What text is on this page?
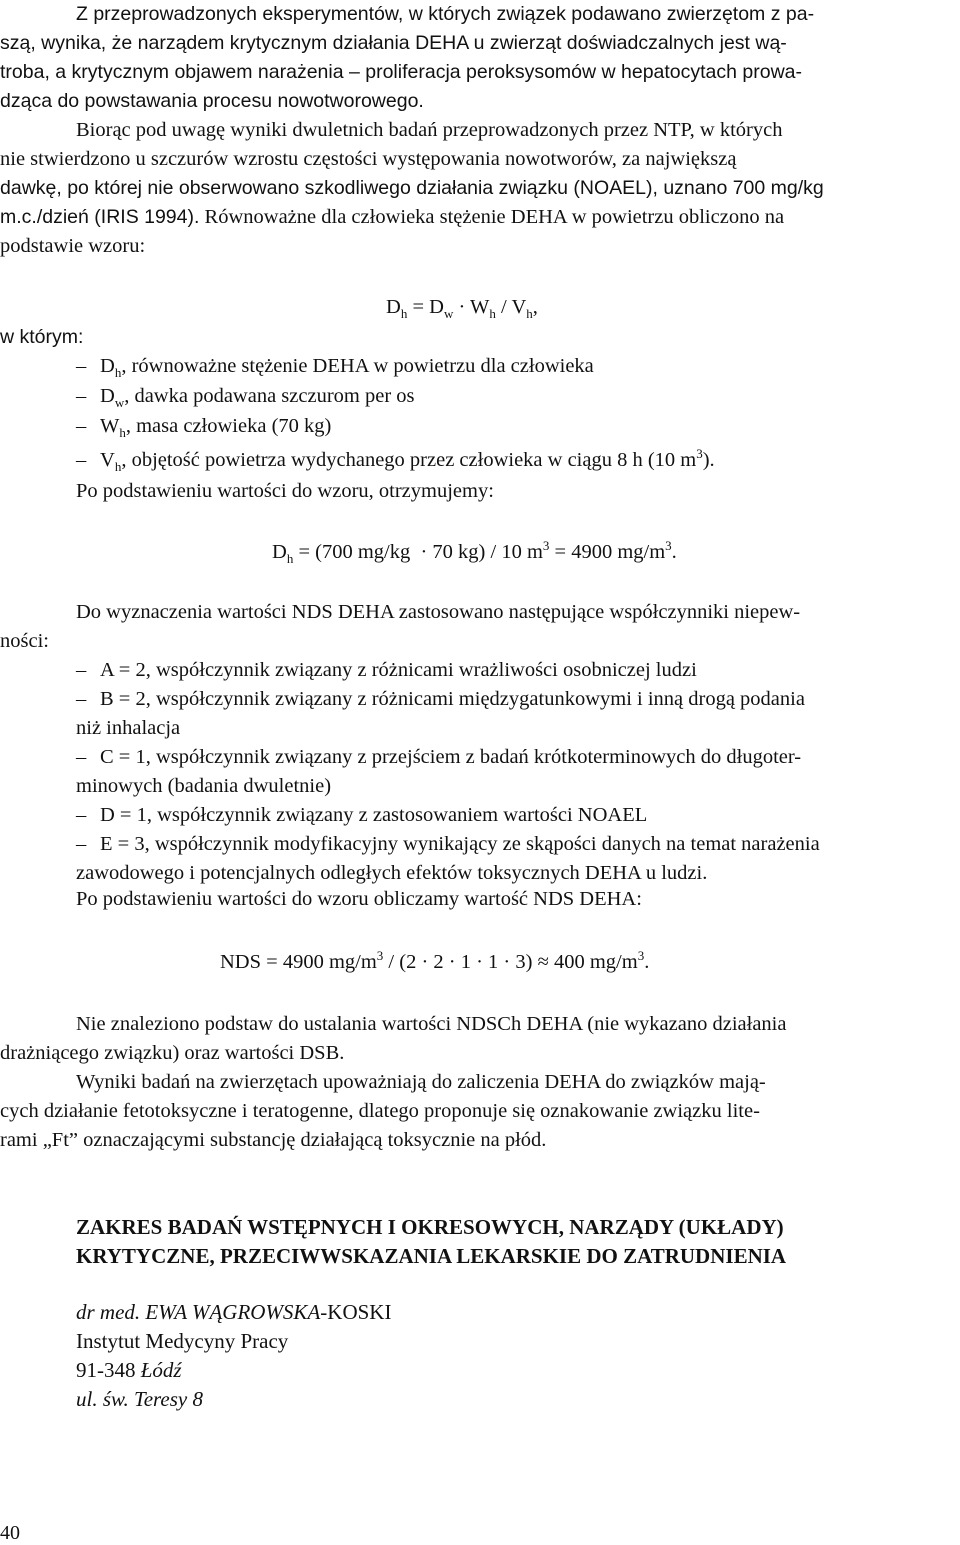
Z przeprowadzonych eksperymentów, w których związek podawano zwierzętom z pa-
szą, wynika, że narządem krytycznym działania DEHA u zwierząt doświadczalnych jest wą-
troba, a krytycznym objawem narażenia – proliferacja peroksysomów w hepatocytach prowa-
dząca do powstawania procesu nowotworowego.
Biorąc pod uwagę wyniki dwuletnich badań przeprowadzonych przez NTP, w których
nie stwierdzono u szczurów wzrostu częstości występowania nowotworów, za największą
dawkę, po której nie obserwowano szkodliwego działania związku (NOAEL), uznano 700 mg/kg
m.c./dzień (IRIS 1994). Równoważne dla człowieka stężenie DEHA w powietrzu obliczono na
podstawie wzoru:
$D_h = D_w \cdot W_h / V_h$,
w którym:
– $D_h$, równoważne stężenie DEHA w powietrzu dla człowieka
– $D_w$, dawka podawana szczurom per os
– $W_h$, masa człowieka (70 kg)
– $V_h$, objętość powietrza wydychanego przez człowieka w ciągu 8 h (10 $m^3$).
Po podstawieniu wartości do wzoru, otrzymujemy:
$D_h = (700$ mg/kg  · 70 kg) / 10 $m^3 = 4900$ $mg/m^3$.
Do wyznaczenia wartości NDS DEHA zastosowano następujące współczynniki niepew-
ności:
– A = 2, współczynnik związany z różnicami wrażliwości osobniczej ludzi
– B = 2, współczynnik związany z różnicami międzygatunkowymi i inną drogą podania
niż inhalacja
– C = 1, współczynnik związany z przejściem z badań krótkoterminowych do długoter-
minowych (badania dwuletnie)
– D = 1, współczynnik związany z zastosowaniem wartości NOAEL
– E = 3, współczynnik modyfikacyjny wynikający ze skąpości danych na temat narażenia
zawodowego i potencjalnych odległych efektów toksycznych DEHA u ludzi.
Po podstawieniu wartości do wzoru obliczamy wartość NDS DEHA:
NDS = 4900 $mg/m^3 / (2 \cdot 2 \cdot 1 \cdot 1 \cdot 3) \approx 400$ $mg/m^3$.
Nie znaleziono podstaw do ustalania wartości NDSCh DEHA (nie wykazano działania
drażniącego związku) oraz wartości DSB.
Wyniki badań na zwierzętach upoważniają do zaliczenia DEHA do związków mają-
cych działanie fetotoksyczne i teratogenne, dlatego proponuje się oznakowanie związku lite-
rami „Ft” oznaczającymi substancję działającą toksycznie na płód.
ZAKRES BADAŃ WSTĘPNYCH I OKRESOWYCH, NARZĄDY (UKŁADY)
KRYTYCZNE, PRZECIWWSKAZANIA LEKARSKIE DO ZATRUDNIENIA
dr med. EWA WĄGROWSKA-KOSKI
Instytut Medycyny Pracy
91-348 Łódź
ul. św. Teresy 8
40
